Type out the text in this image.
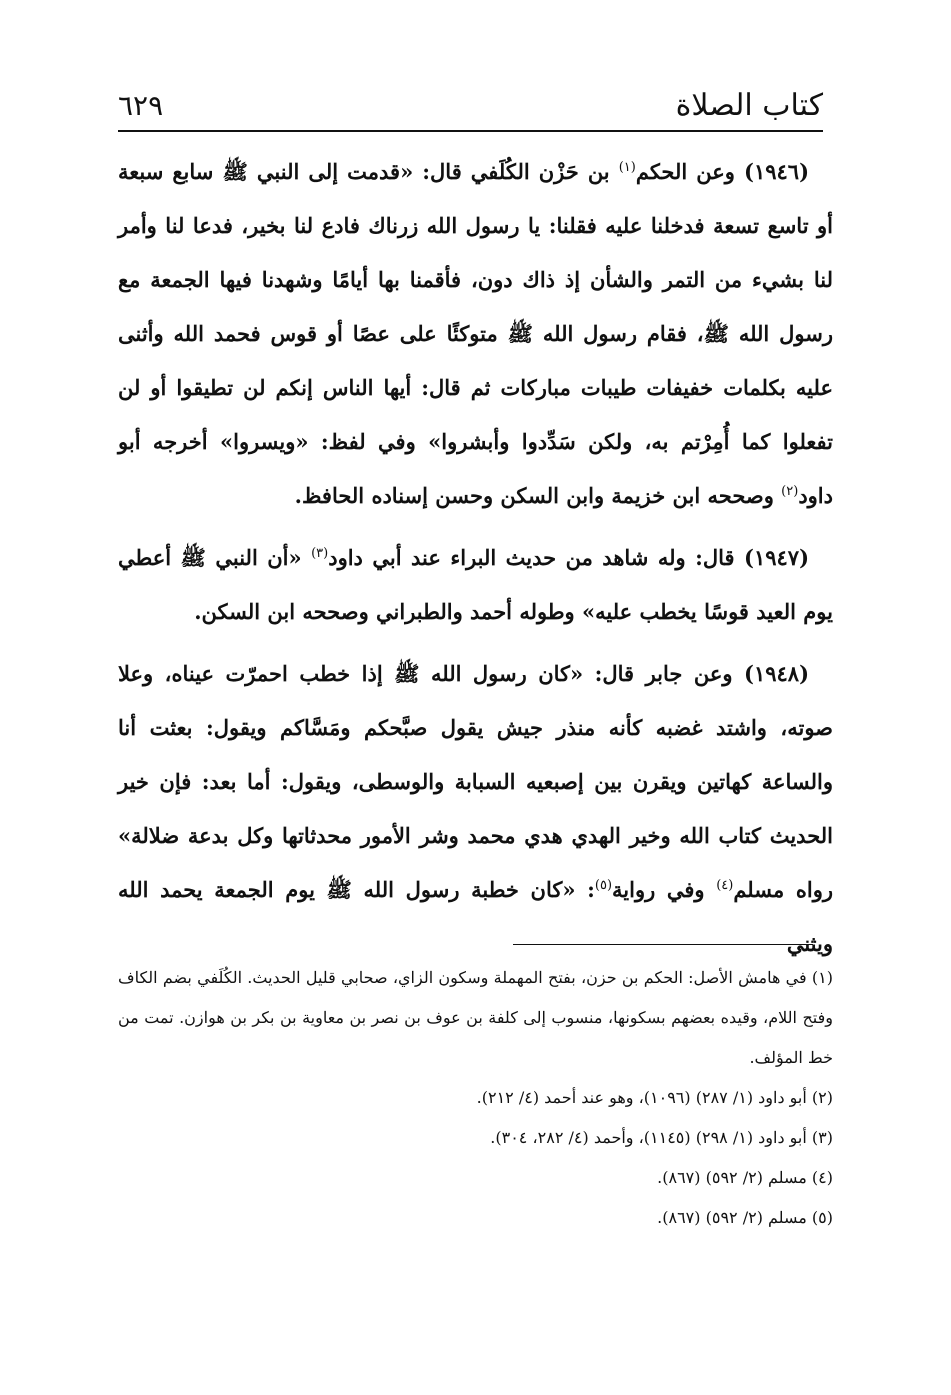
كتاب الصلاة
٦٢٩

(١٩٤٦) وعن الحكم$^{(١)}$ بن حَزْن الكُلَفي قال: «قدمت إلى النبي ﷺ سابع سبعة أو تاسع تسعة فدخلنا عليه فقلنا: يا رسول الله زرناك فادع لنا بخير، فدعا لنا وأمر لنا بشيء من التمر والشأن إذ ذاك دون، فأقمنا بها أيامًا وشهدنا فيها الجمعة مع رسول الله ﷺ، فقام رسول الله ﷺ متوكئًا على عصًا أو قوس فحمد الله وأثنى عليه بكلمات خفيفات طيبات مباركات ثم قال: أيها الناس إنكم لن تطيقوا أو لن تفعلوا كما أُمِرْتم به، ولكن سَدِّدوا وأبشروا» وفي لفظ: «ويسروا» أخرجه أبو داود$^{(٢)}$ وصححه ابن خزيمة وابن السكن وحسن إسناده الحافظ.

(١٩٤٧) قال: وله شاهد من حديث البراء عند أبي داود$^{(٣)}$ «أن النبي ﷺ أعطي يوم العيد قوسًا يخطب عليه» وطوله أحمد والطبراني وصححه ابن السكن.

(١٩٤٨) وعن جابر قال: «كان رسول الله ﷺ إذا خطب احمرّت عيناه، وعلا صوته، واشتد غضبه كأنه منذر جيش يقول صبَّحكم ومَسَّاكم ويقول: بعثت أنا والساعة كهاتين ويقرن بين إصبعيه السبابة والوسطى، ويقول: أما بعد: فإن خير الحديث كتاب الله وخير الهدي هدي محمد وشر الأمور محدثاتها وكل بدعة ضلالة» رواه مسلم$^{(٤)}$ وفي رواية$^{(٥)}$: «كان خطبة رسول الله ﷺ يوم الجمعة يحمد الله ويثني

(١) في هامش الأصل: الحكم بن حزن، بفتح المهملة وسكون الزاي، صحابي قليل الحديث. الكُلَفي بضم الكاف وفتح اللام، وقيده بعضهم بسكونها، منسوب إلى كلفة بن عوف بن نصر بن معاوية بن بكر بن هوازن. تمت من خط المؤلف.

(٢) أبو داود (١/ ٢٨٧) (١٠٩٦)، وهو عند أحمد (٤/ ٢١٢).

(٣) أبو داود (١/ ٢٩٨) (١١٤٥)، وأحمد (٤/ ٢٨٢، ٣٠٤).

(٤) مسلم (٢/ ٥٩٢) (٨٦٧).

(٥) مسلم (٢/ ٥٩٢) (٨٦٧).
